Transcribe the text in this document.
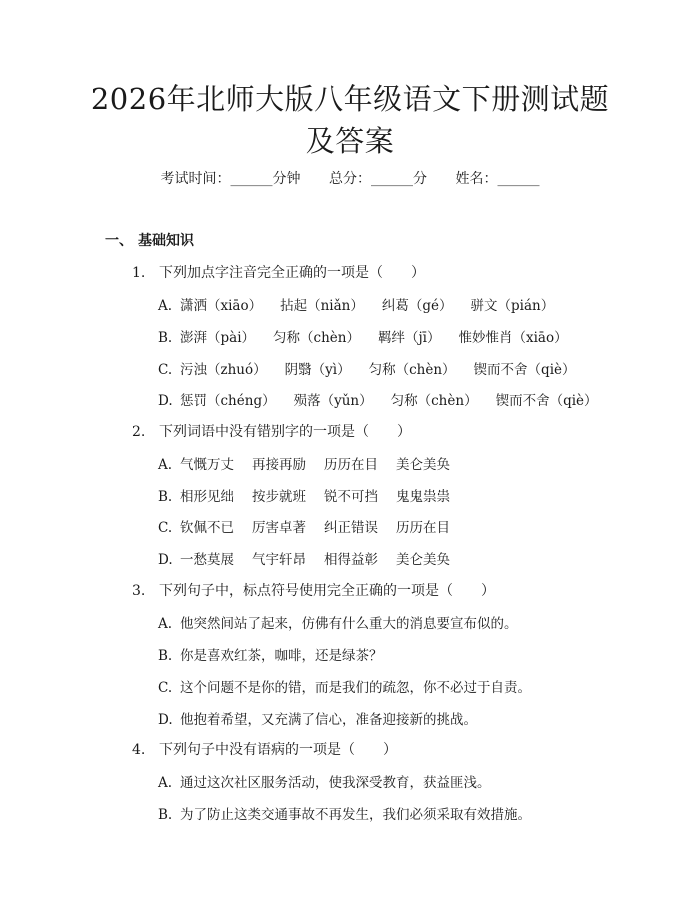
2026年北师大版八年级语文下册测试题及答案
考试时间：______分钟 总分：______分 姓名：______
一、 基础知识
1. 下列加点字注音完全正确的一项是（　　）
A. 潇洒（xiāo） 拈起（niǎn） 纠葛（gé） 骈文（pián）
B. 澎湃（pài） 匀称（chèn） 羁绊（jī） 惟妙惟肖（xiāo）
C. 污浊（zhuó） 阴翳（yì） 匀称（chèn） 锲而不舍（qiè）
D. 惩罚（chéng） 殒落（yǔn） 匀称（chèn） 锲而不舍（qiè）
2. 下列词语中没有错别字的一项是（　　）
A. 气慨万丈 再接再励 历历在目 美仑美奂
B. 相形见绌 按步就班 锐不可挡 鬼鬼祟祟
C. 钦佩不已 厉害卓著 纠正错误 历历在目
D. 一愁莫展 气宇轩昂 相得益彰 美仑美奂
3. 下列句子中，标点符号使用完全正确的一项是（　　）
A. 他突然间站了起来，仿佛有什么重大的消息要宣布似的。
B. 你是喜欢红茶，咖啡，还是绿茶？
C. 这个问题不是你的错，而是我们的疏忽，你不必过于自责。
D. 他抱着希望，又充满了信心，准备迎接新的挑战。
4. 下列句子中没有语病的一项是（　　）
A. 通过这次社区服务活动，使我深受教育，获益匪浅。
B. 为了防止这类交通事故不再发生，我们必须采取有效措施。
